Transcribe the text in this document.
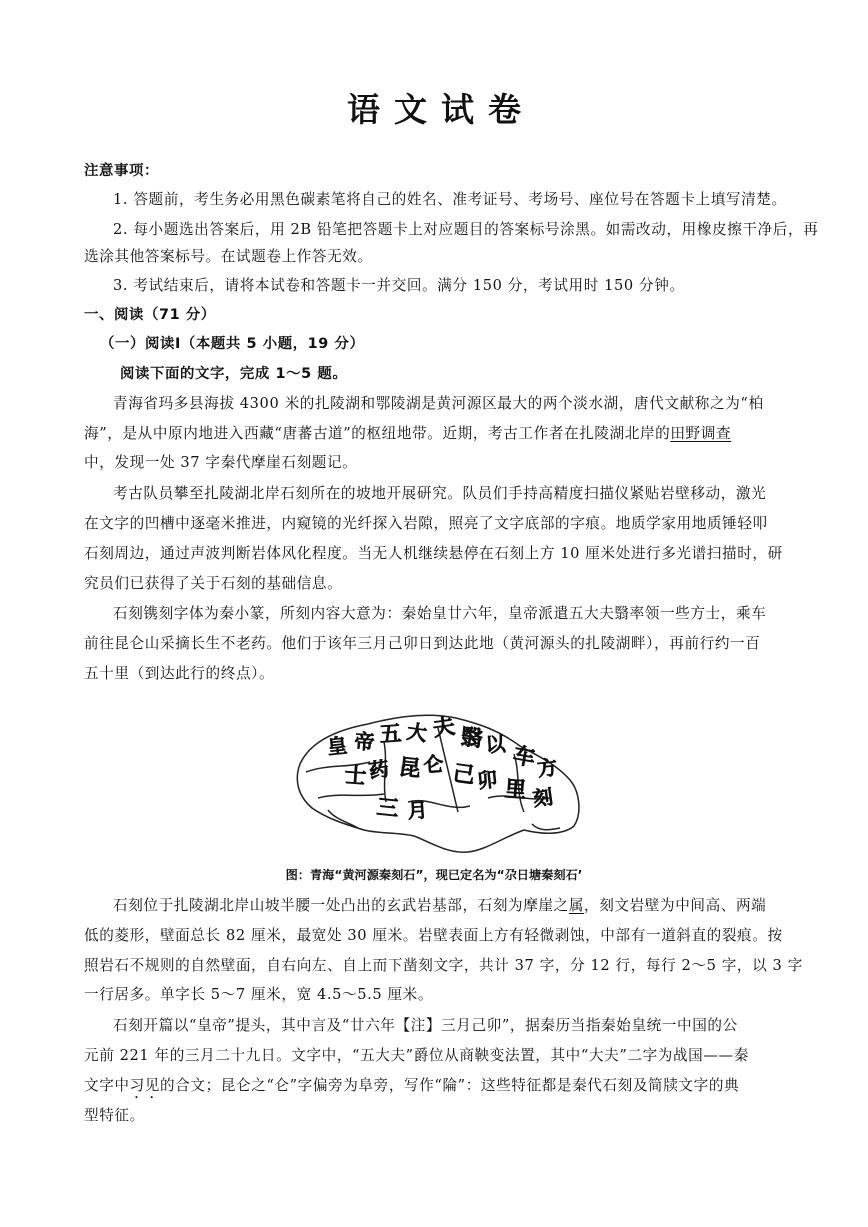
语文试卷
注意事项：
1. 答题前，考生务必用黑色碳素笔将自己的姓名、准考证号、考场号、座位号在答题卡上填写清楚。
2. 每小题选出答案后，用 2B 铅笔把答题卡上对应题目的答案标号涂黑。如需改动，用橡皮擦干净后，再
选涂其他答案标号。在试题卷上作答无效。
3. 考试结束后，请将本试卷和答题卡一并交回。满分 150 分，考试用时 150 分钟。
一、阅读（71 分）
（一）阅读Ⅰ（本题共 5 小题，19 分）
阅读下面的文字，完成 1～5 题。
青海省玛多县海拔 4300 米的扎陵湖和鄂陵湖是黄河源区最大的两个淡水湖，唐代文献称之为“柏
海”，是从中原内地进入西藏“唐蕃古道”的枢纽地带。近期，考古工作者在扎陵湖北岸的田野调查
中，发现一处 37 字秦代摩崖石刻题记。
考古队员攀至扎陵湖北岸石刻所在的坡地开展研究。队员们手持高精度扫描仪紧贴岩壁移动，激光
在文字的凹槽中逐毫米推进，内窥镜的光纤探入岩隙，照亮了文字底部的字痕。地质学家用地质锤轻叩
石刻周边，通过声波判断岩体风化程度。当无人机继续悬停在石刻上方 10 厘米处进行多光谱扫描时，研
究员们已获得了关于石刻的基础信息。
石刻镌刻字体为秦小篆，所刻内容大意为：秦始皇廿六年，皇帝派遣五大夫翳率领一些方士，乘车
前往昆仑山采摘长生不老药。他们于该年三月己卯日到达此地（黄河源头的扎陵湖畔），再前行约一百
五十里（到达此行的终点）。
皇 帝 五 大 夫 翳 以 车
方
士 药 昆 仑 己 卯 里 刻
三 月
图：青海“黄河源秦刻石”，现已定名为“尕日塘秦刻石’
石刻位于扎陵湖北岸山坡半腰一处凸出的玄武岩基部，石刻为摩崖之属，刻文岩壁为中间高、两端
低的菱形，壁面总长 82 厘米，最宽处 30 厘米。岩壁表面上方有轻微剥蚀，中部有一道斜直的裂痕。按
照岩石不规则的自然壁面，自右向左、自上而下凿刻文字，共计 37 字，分 12 行，每行 2～5 字，以 3 字
一行居多。单字长 5～7 厘米，宽 4.5～5.5 厘米。
石刻开篇以“皇帝”提头，其中言及“廿六年【注】三月己卯”，据秦历当指秦始皇统一中国的公
元前 221 年的三月二十九日。文字中，“五大夫”爵位从商鞅变法置，其中“大夫”二字为战国——秦
文字中习见的合文；昆仑之“仑”字偏旁为阜旁，写作“陯”：这些特征都是秦代石刻及简牍文字的典
型特征。
